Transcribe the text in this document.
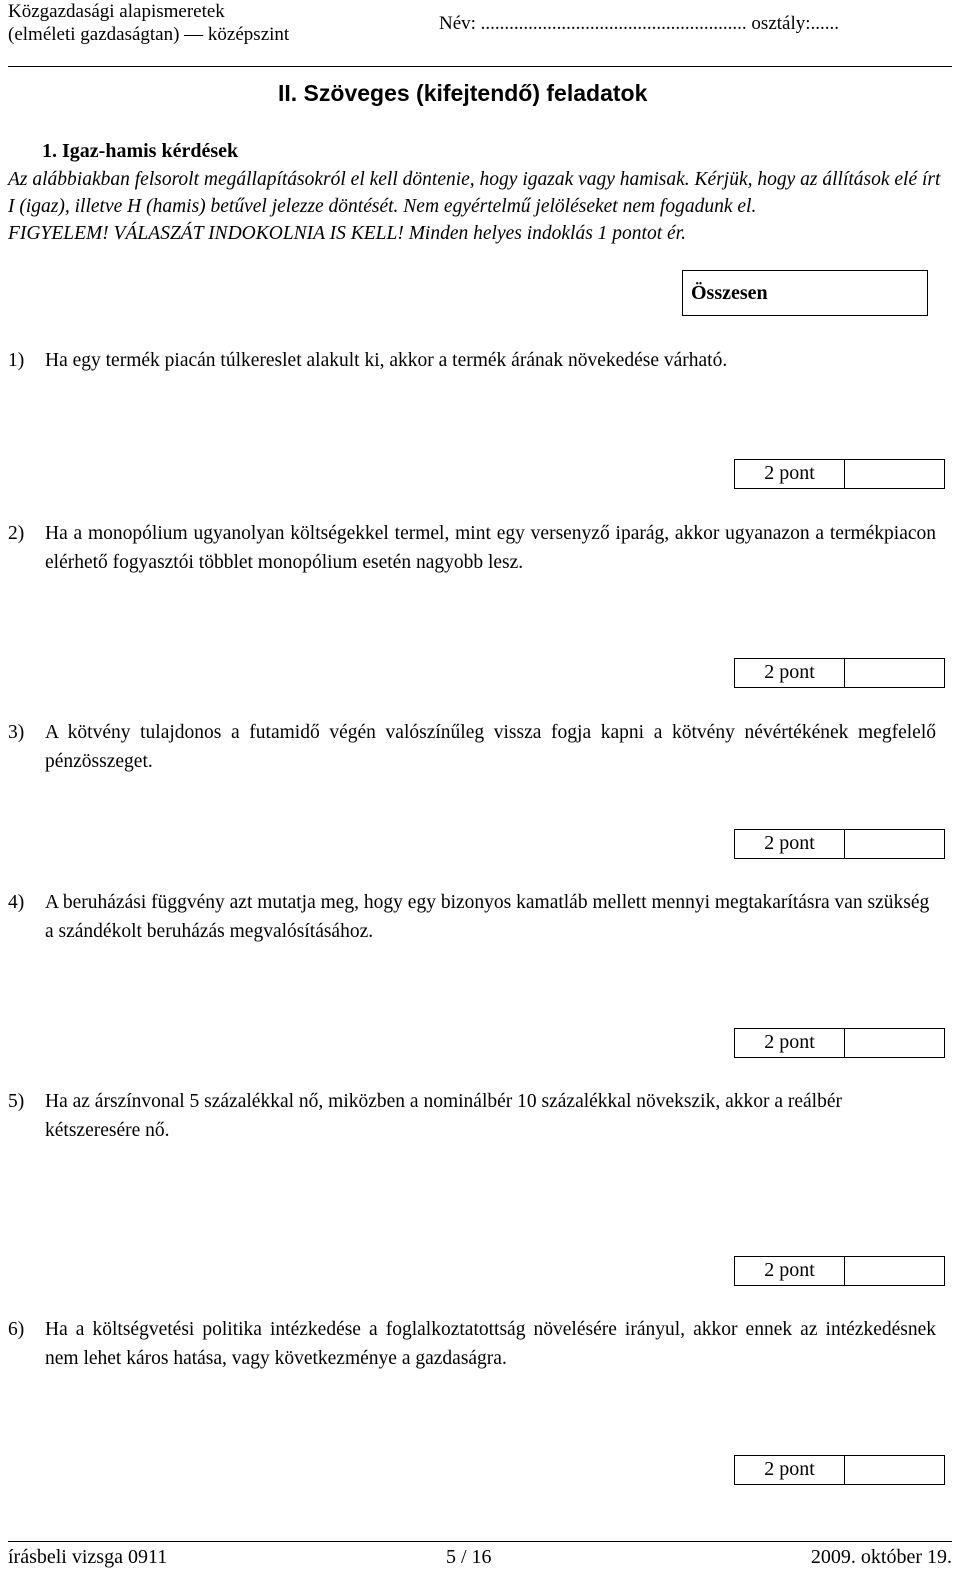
Közgazdasági alapismeretek
(elméleti gazdaságtan) — középszint
Név: ........................................................ osztály:......
II. Szöveges (kifejtendő) feladatok
1. Igaz-hamis kérdések
Az alábbiakban felsorolt megállapításokról el kell döntenie, hogy igazak vagy hamisak. Kérjük, hogy az állítások elé írt I (igaz), illetve H (hamis) betűvel jelezze döntését. Nem egyértelmű jelöléseket nem fogadunk el.
FIGYELEM! VÁLASZÁT INDOKOLNIA IS KELL! Minden helyes indoklás 1 pontot ér.
Összesen
1) Ha egy termék piacán túlkereslet alakult ki, akkor a termék árának növekedése várható.
2 pont
2) Ha a monopólium ugyanolyan költségekkel termel, mint egy versenyző iparág, akkor ugyanazon a termékpiacon elérhető fogyasztói többlet monopólium esetén nagyobb lesz.
2 pont
3) A kötvény tulajdonos a futamidő végén valószínűleg vissza fogja kapni a kötvény névértékének megfelelő pénzösszeget.
2 pont
4) A beruházási függvény azt mutatja meg, hogy egy bizonyos kamatláb mellett mennyi megtakarításra van szükség a szándékolt beruházás megvalósításához.
2 pont
5) Ha az árszínvonal 5 százalékkal nő, miközben a nominálbér 10 százalékkal növekszik, akkor a reálbér kétszeresére nő.
2 pont
6) Ha a költségvetési politika intézkedése a foglalkoztatottság növelésére irányul, akkor ennek az intézkedésnek nem lehet káros hatása, vagy következménye a gazdaságra.
2 pont
írásbeli vizsga 0911	5 / 16	2009. október 19.
